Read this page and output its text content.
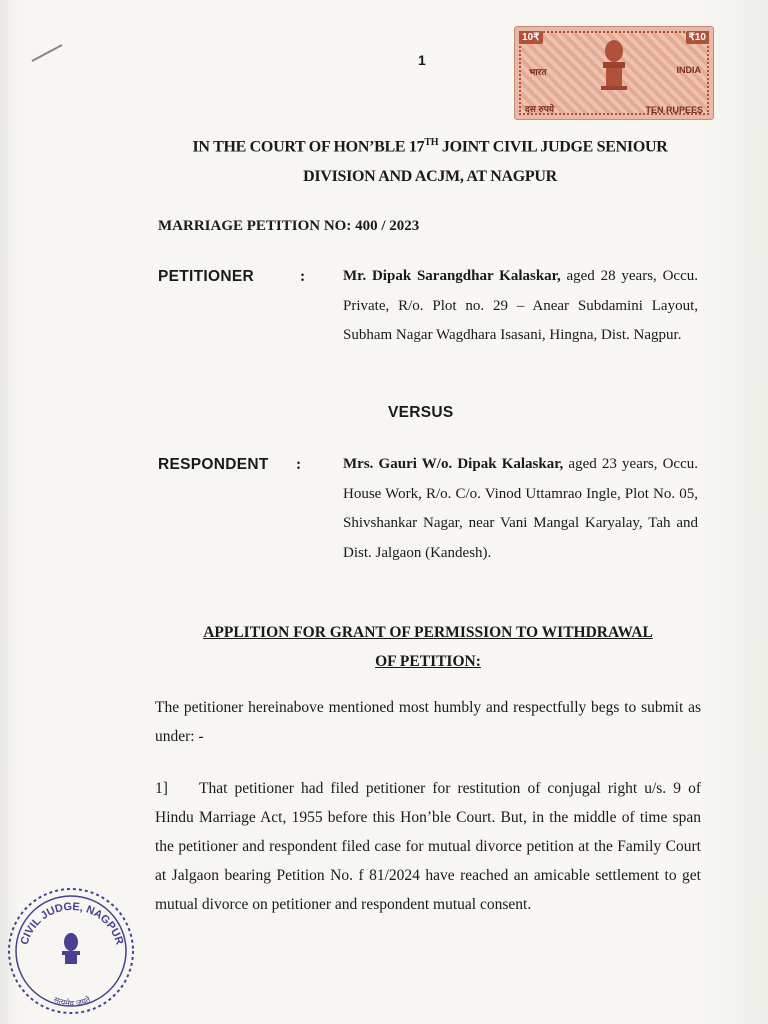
1
10₹	₹10
भारत	INDIA
दस रुपये	TEN RUPEES
IN THE COURT OF HON’BLE 17TH JOINT CIVIL JUDGE SENIOUR
DIVISION AND ACJM, AT NAGPUR
MARRIAGE PETITION NO: 400 / 2023
PETITIONER	:	Mr. Dipak Sarangdhar Kalaskar, aged 28 years, Occu. Private, R/o. Plot no. 29 – Anear Subdamini Layout, Subham Nagar Wagdhara Isasani, Hingna, Dist. Nagpur.
VERSUS
RESPONDENT :	Mrs. Gauri W/o. Dipak Kalaskar, aged 23 years, Occu. House Work, R/o. C/o. Vinod Uttamrao Ingle, Plot No. 05, Shivshankar Nagar, near Vani Mangal Karyalay, Tah and Dist. Jalgaon (Kandesh).
APPLITION FOR GRANT OF PERMISSION TO WITHDRAWAL
OF PETITION:
The petitioner hereinabove mentioned most humbly and respectfully begs to submit as under: -
1] That petitioner had filed petitioner for restitution of conjugal right u/s. 9 of Hindu Marriage Act, 1955 before this Hon’ble Court. But, in the middle of time span the petitioner and respondent filed case for mutual divorce petition at the Family Court at Jalgaon bearing Petition No. f 81/2024 have reached an amicable settlement to get mutual divorce on petitioner and respondent mutual consent.
CIVIL JUDGE, NAGPUR
सत्यमेव जयते
